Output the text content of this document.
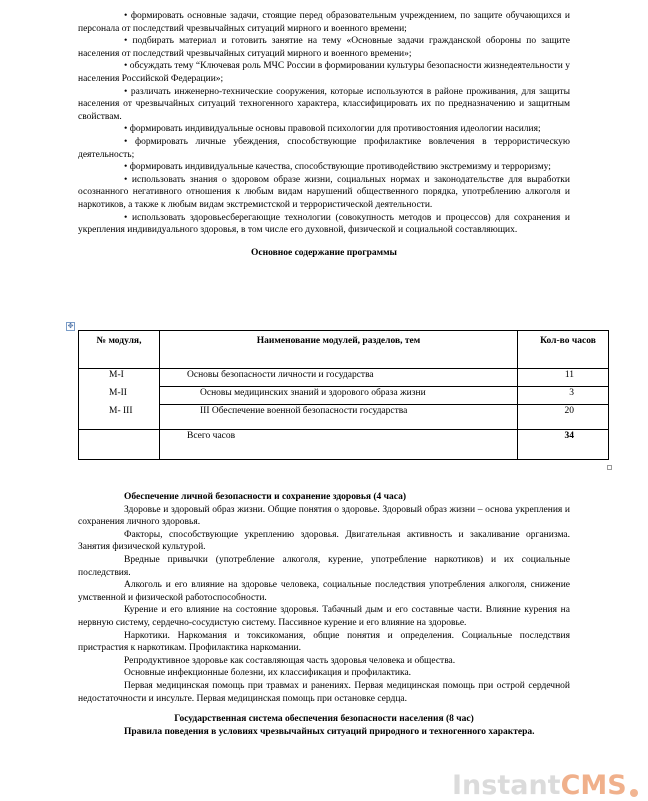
• формировать основные задачи, стоящие перед образовательным учреждением, по защите обучающихся и персонала от последствий чрезвычайных ситуаций мирного и военного времени;

• подбирать материал и готовить занятие на тему «Основные задачи гражданской обороны по защите населения от последствий чрезвычайных ситуаций мирного и военного времени»;

• обсуждать тему “Ключевая роль МЧС России в формировании культуры безопасности жизнедеятельности у населения Российской Федерации»;

• различать инженерно-технические сооружения, которые используются в районе проживания, для защиты населения от чрезвычайных ситуаций техногенного характера, классифицировать их по предназначению и защитным свойствам.

• формировать индивидуальные основы правовой психологии для противостояния идеологии насилия;

• формировать личные убеждения, способствующие профилактике вовлечения в террористическую деятельность;

• формировать индивидуальные качества, способствующие противодействию экстремизму и терроризму;

• использовать знания о здоровом образе жизни, социальных нормах и законодательстве для выработки осознанного негативного отношения к любым видам нарушений общественного порядка, употреблению алкоголя и наркотиков, а также к любым видам экстремистской и террористической деятельности.

• использовать здоровьесберегающие технологии (совокупность методов и процессов) для сохранения и укрепления индивидуального здоровья, в том числе его духовной, физической и социальной составляющих.

Основное содержание программы

✥
№ модуля,	Наименование модулей, разделов, тем	Кол-во часов
М-I	Основы безопасности личности и государства	11
М-II	Основы медицинских знаний и здорового образа жизни	3
М- III	III Обеспечение военной безопасности государства	20
	Всего часов	34

Обеспечение личной безопасности и сохранение здоровья (4 часа)

Здоровье и здоровый образ жизни. Общие понятия о здоровье. Здоровый образ жизни – основа укрепления и сохранения личного здоровья.

Факторы, способствующие укреплению здоровья. Двигательная активность и закаливание организма. Занятия физической культурой.

Вредные привычки (употребление алкоголя, курение, употребление наркотиков) и их социальные последствия.

Алкоголь и его влияние на здоровье человека, социальные последствия употребления алкоголя, снижение умственной и физической работоспособности.

Курение и его влияние на состояние здоровья. Табачный дым и его составные части. Влияние курения на нервную систему, сердечно-сосудистую систему. Пассивное курение и его влияние на здоровье.

Наркотики. Наркомания и токсикомания, общие понятия и определения. Социальные последствия пристрастия к наркотикам. Профилактика наркомании.

Репродуктивное здоровье как составляющая часть здоровья человека и общества.

Основные инфекционные болезни, их классификация и профилактика.

Первая медицинская помощь при травмах и ранениях. Первая медицинская помощь при острой сердечной недостаточности и инсульте. Первая медицинская помощь при остановке сердца.

Государственная система обеспечения безопасности населения (8 час)

Правила поведения в условиях чрезвычайных ситуаций природного и техногенного характера.

InstantCMS
